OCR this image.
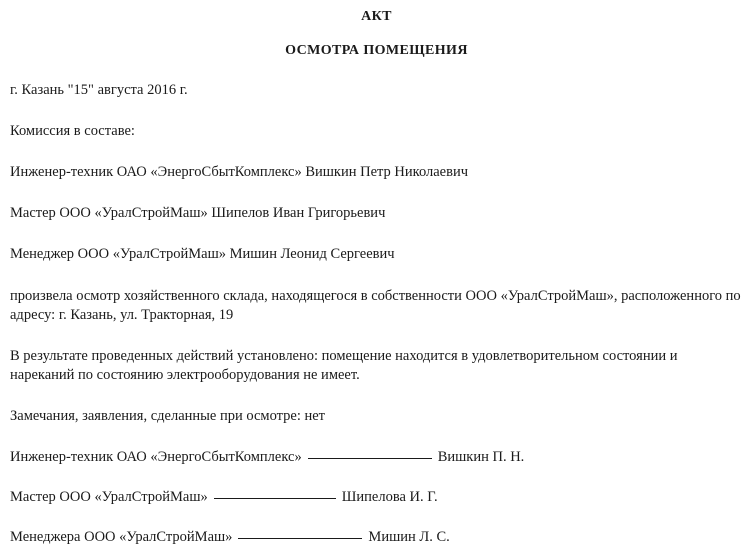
АКТ
ОСМОТРА ПОМЕЩЕНИЯ

г. Казань "15" августа 2016 г.

Комиссия в составе:

Инженер-техник ОАО «ЭнергоСбытКомплекс» Вишкин Петр Николаевич

Мастер ООО «УралСтройМаш» Шипелов Иван Григорьевич

Менеджер ООО «УралСтройМаш» Мишин Леонид Сергеевич

произвела осмотр хозяйственного склада, находящегося в собственности ООО «УралСтройМаш», расположенного по адресу: г. Казань, ул. Тракторная, 19

В результате проведенных действий установлено: помещение находится в удовлетворительном состоянии и нареканий по состоянию электрооборудования не имеет.

Замечания, заявления, сделанные при осмотре: нет

Инженер-техник ОАО «ЭнергоСбытКомплекс»	Вишкин П. Н.
Мастер ООО «УралСтройМаш»	Шипелова И. Г.
Менеджера ООО «УралСтройМаш»	Мишин Л. С.
